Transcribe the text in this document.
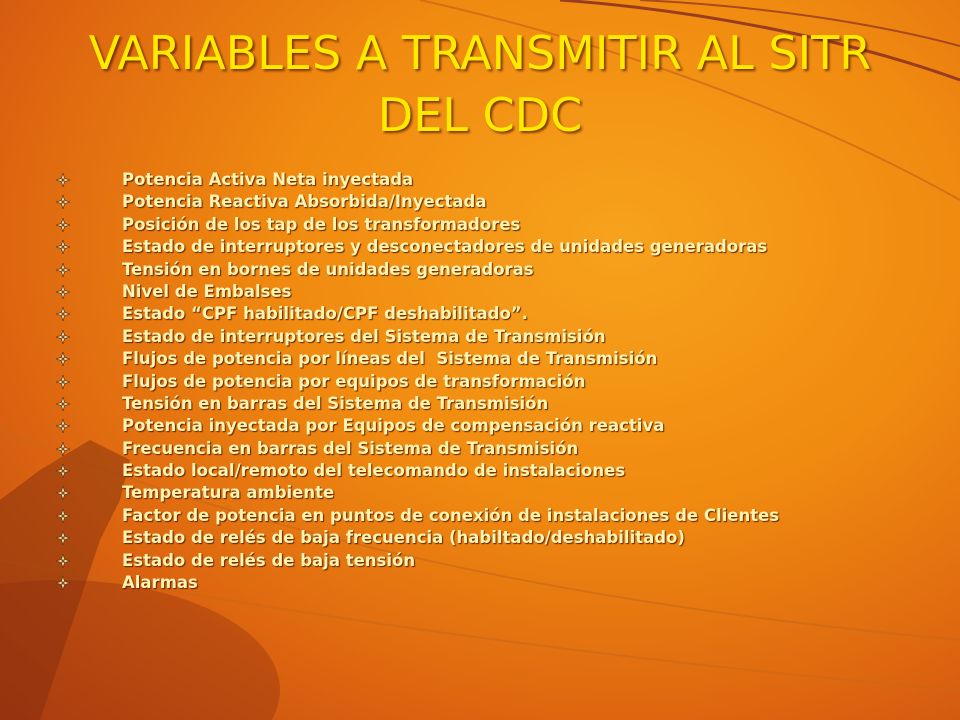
VARIABLES A TRANSMITIR AL SITR DEL CDC
Potencia Activa Neta inyectada
Potencia Reactiva Absorbida/Inyectada
Posición de los tap de los transformadores
Estado de interruptores y desconectadores de unidades generadoras
Tensión en bornes de unidades generadoras
Nivel de Embalses
Estado “CPF habilitado/CPF deshabilitado”.
Estado de interruptores del Sistema de Transmisión
Flujos de potencia por líneas del  Sistema de Transmisión
Flujos de potencia por equipos de transformación
Tensión en barras del Sistema de Transmisión
Potencia inyectada por Equipos de compensación reactiva
Frecuencia en barras del Sistema de Transmisión
Estado local/remoto del telecomando de instalaciones
Temperatura ambiente
Factor de potencia en puntos de conexión de instalaciones de Clientes
Estado de relés de baja frecuencia (habiltado/deshabilitado)
Estado de relés de baja tensión
Alarmas
